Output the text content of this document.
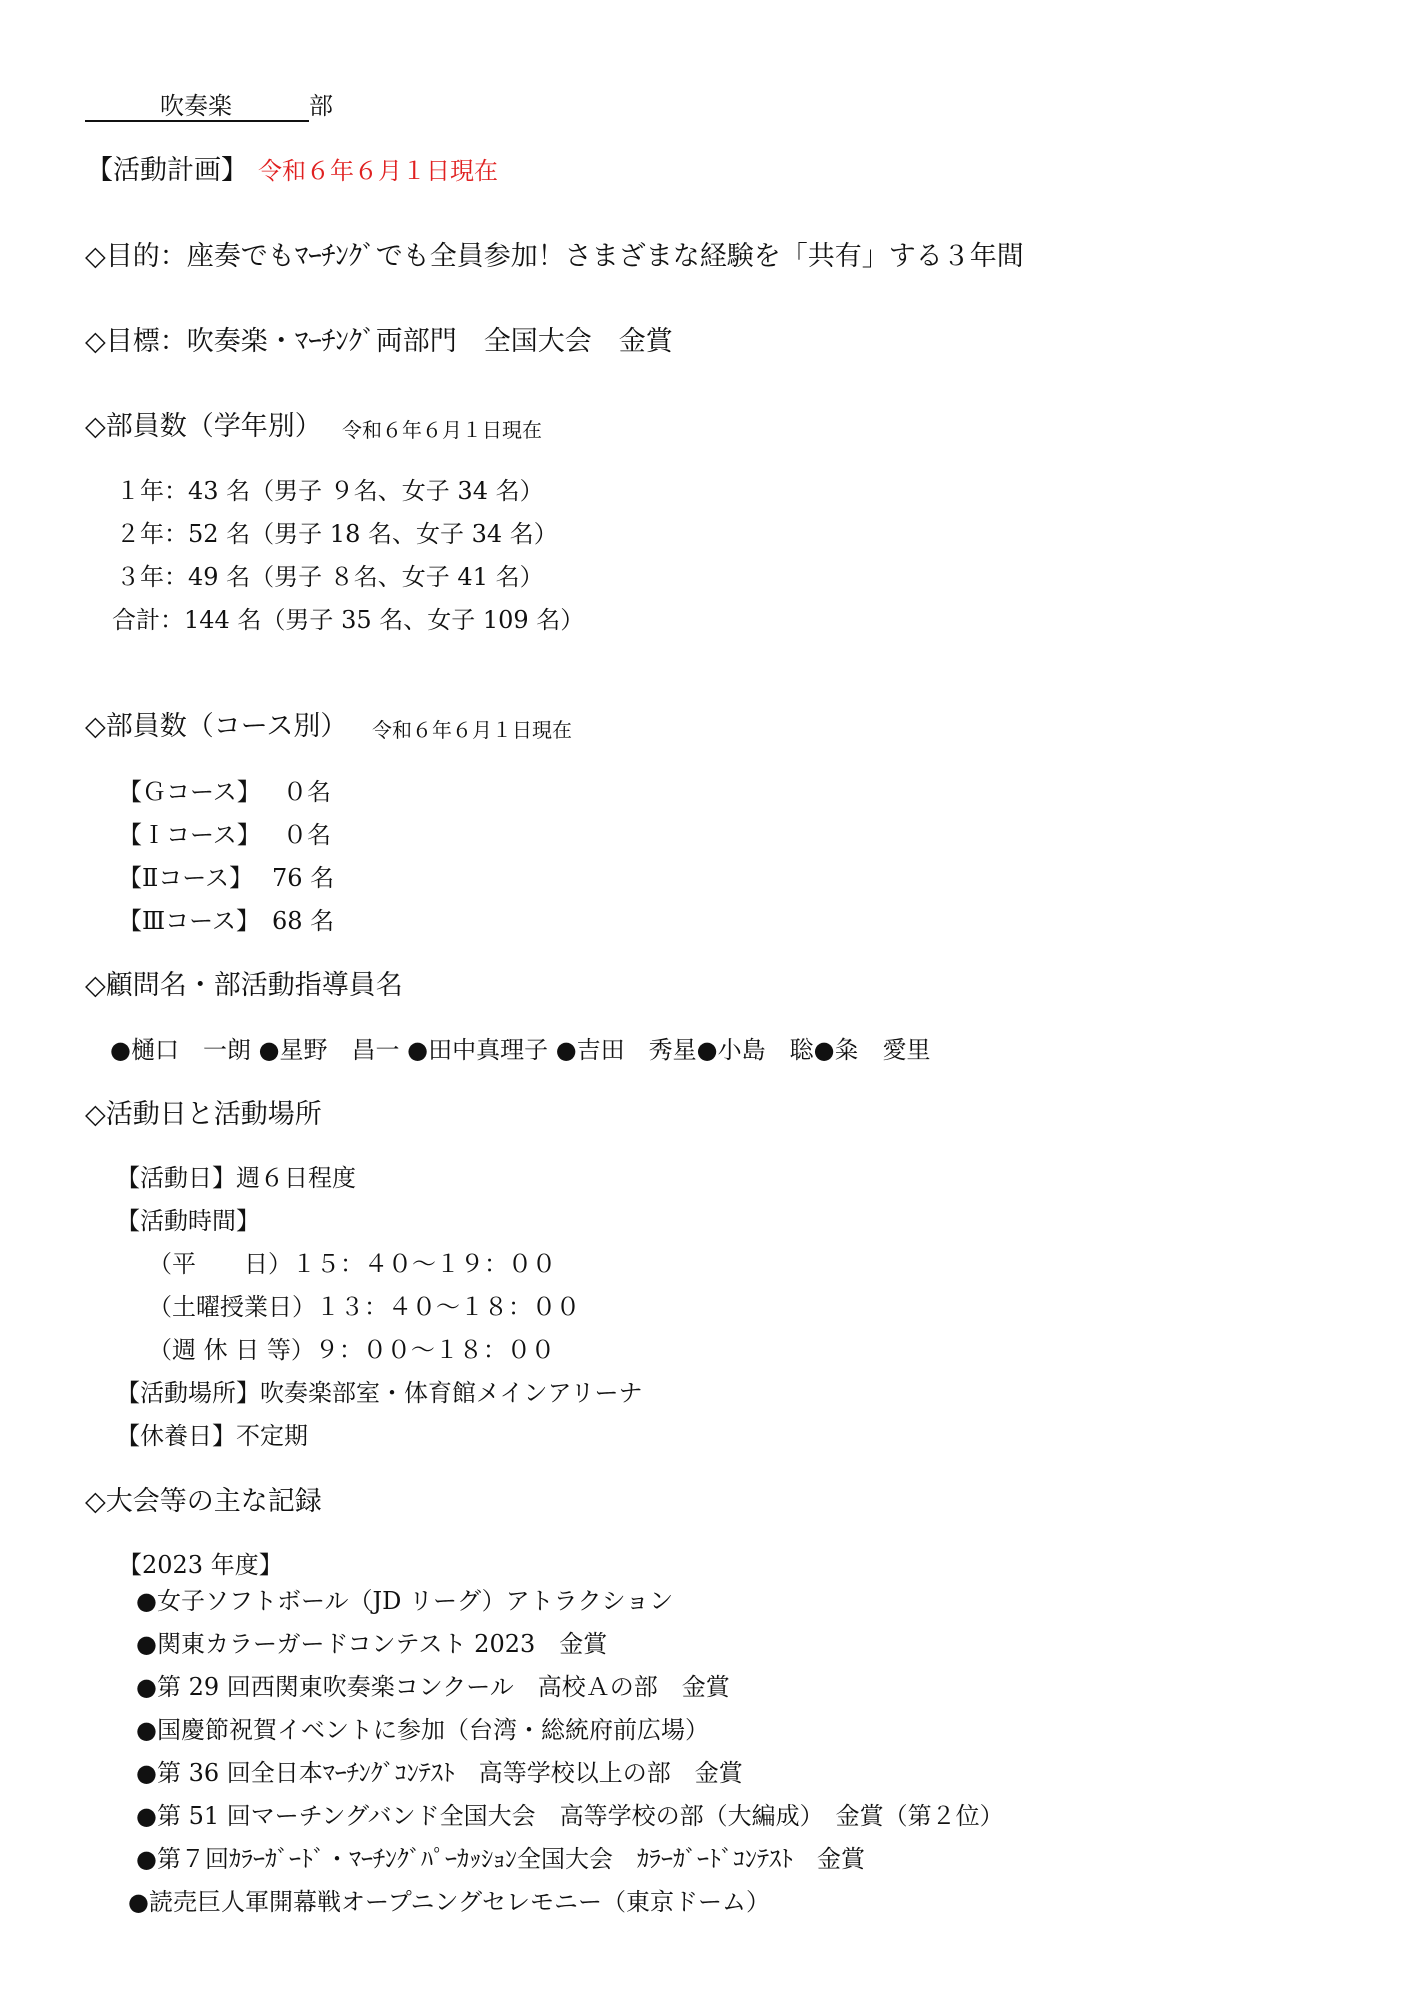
吹奏楽	部
【活動計画】 令和６年６月１日現在
◇目的：座奏でもﾏｰﾁﾝｸﾞでも全員参加！さまざまな経験を「共有」する３年間
◇目標：吹奏楽・ﾏｰﾁﾝｸﾞ両部門　全国大会　金賞
◇部員数（学年別） 令和６年６月１日現在
１年：43 名（男子 ９名、女子 34 名）
２年：52 名（男子 18 名、女子 34 名）
３年：49 名（男子 ８名、女子 41 名）
合計：144 名（男子 35 名、女子 109 名）
◇部員数（コース別） 令和６年６月１日現在
【Ｇコース】 ０名
【Ｉコース】 ０名
【Ⅱコース】 76 名
【Ⅲコース】 68 名
◇顧問名・部活動指導員名
●樋口　一朗 ●星野　昌一 ●田中真理子 ●吉田　秀星●小島　聡●粂　愛里
◇活動日と活動場所
【活動日】週６日程度
【活動時間】
（平　　日）１５：４０～１９：００
（土曜授業日）１３：４０～１８：００
（週 休 日 等）９：００～１８：００
【活動場所】吹奏楽部室・体育館メインアリーナ
【休養日】不定期
◇大会等の主な記録
【2023 年度】
●女子ソフトボール（JD リーグ）アトラクション
●関東カラーガードコンテスト 2023　金賞
●第 29 回西関東吹奏楽コンクール　高校Ａの部　金賞
●国慶節祝賀イベントに参加（台湾・総統府前広場）
●第 36 回全日本ﾏｰﾁﾝｸﾞｺﾝﾃｽﾄ　高等学校以上の部　金賞
●第 51 回マーチングバンド全国大会　高等学校の部（大編成）　金賞（第２位）
●第７回ｶﾗｰｶﾞｰﾄﾞ・ﾏｰﾁﾝｸﾞﾊﾟｰｶｯｼｮﾝ全国大会　ｶﾗｰｶﾞｰﾄﾞｺﾝﾃｽﾄ　金賞
●読売巨人軍開幕戦オープニングセレモニー（東京ドーム）
